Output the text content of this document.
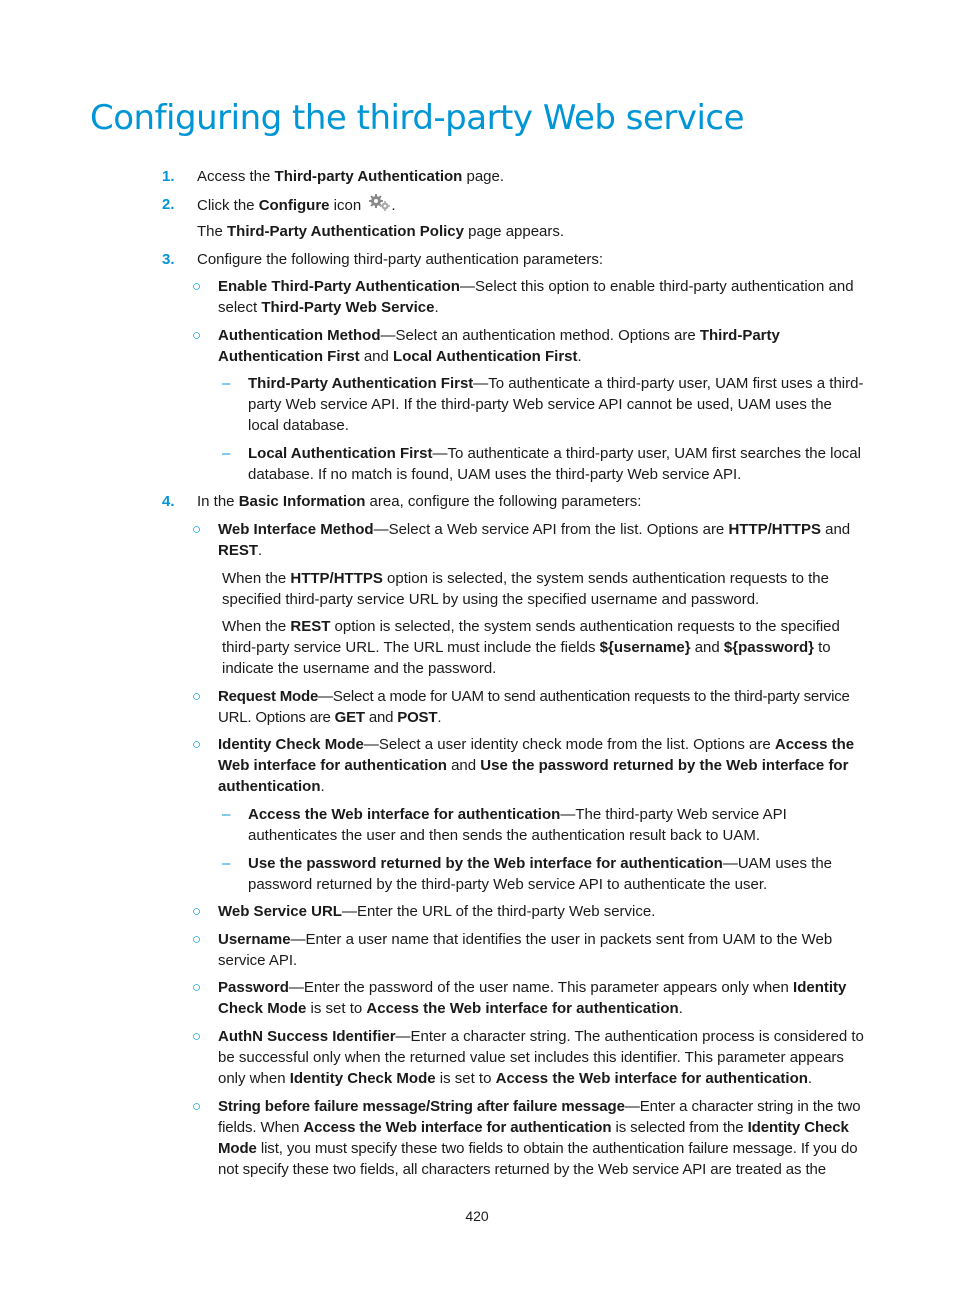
Configuring the third-party Web service
1. Access the Third-party Authentication page.
2. Click the Configure icon .
The Third-Party Authentication Policy page appears.
3. Configure the following third-party authentication parameters:
○ Enable Third-Party Authentication—Select this option to enable third-party authentication and select Third-Party Web Service.
○ Authentication Method—Select an authentication method. Options are Third-Party Authentication First and Local Authentication First.
– Third-Party Authentication First—To authenticate a third-party user, UAM first uses a third-party Web service API. If the third-party Web service API cannot be used, UAM uses the local database.
– Local Authentication First—To authenticate a third-party user, UAM first searches the local database. If no match is found, UAM uses the third-party Web service API.
4. In the Basic Information area, configure the following parameters:
○ Web Interface Method—Select a Web service API from the list. Options are HTTP/HTTPS and REST.
When the HTTP/HTTPS option is selected, the system sends authentication requests to the specified third-party service URL by using the specified username and password.
When the REST option is selected, the system sends authentication requests to the specified third-party service URL. The URL must include the fields ${username} and ${password} to indicate the username and the password.
○ Request Mode—Select a mode for UAM to send authentication requests to the third-party service URL. Options are GET and POST.
○ Identity Check Mode—Select a user identity check mode from the list. Options are Access the Web interface for authentication and Use the password returned by the Web interface for authentication.
– Access the Web interface for authentication—The third-party Web service API authenticates the user and then sends the authentication result back to UAM.
– Use the password returned by the Web interface for authentication—UAM uses the password returned by the third-party Web service API to authenticate the user.
○ Web Service URL—Enter the URL of the third-party Web service.
○ Username—Enter a user name that identifies the user in packets sent from UAM to the Web service API.
○ Password—Enter the password of the user name. This parameter appears only when Identity Check Mode is set to Access the Web interface for authentication.
○ AuthN Success Identifier—Enter a character string. The authentication process is considered to be successful only when the returned value set includes this identifier. This parameter appears only when Identity Check Mode is set to Access the Web interface for authentication.
○ String before failure message/String after failure message—Enter a character string in the two fields. When Access the Web interface for authentication is selected from the Identity Check Mode list, you must specify these two fields to obtain the authentication failure message. If you do not specify these two fields, all characters returned by the Web service API are treated as the
420
